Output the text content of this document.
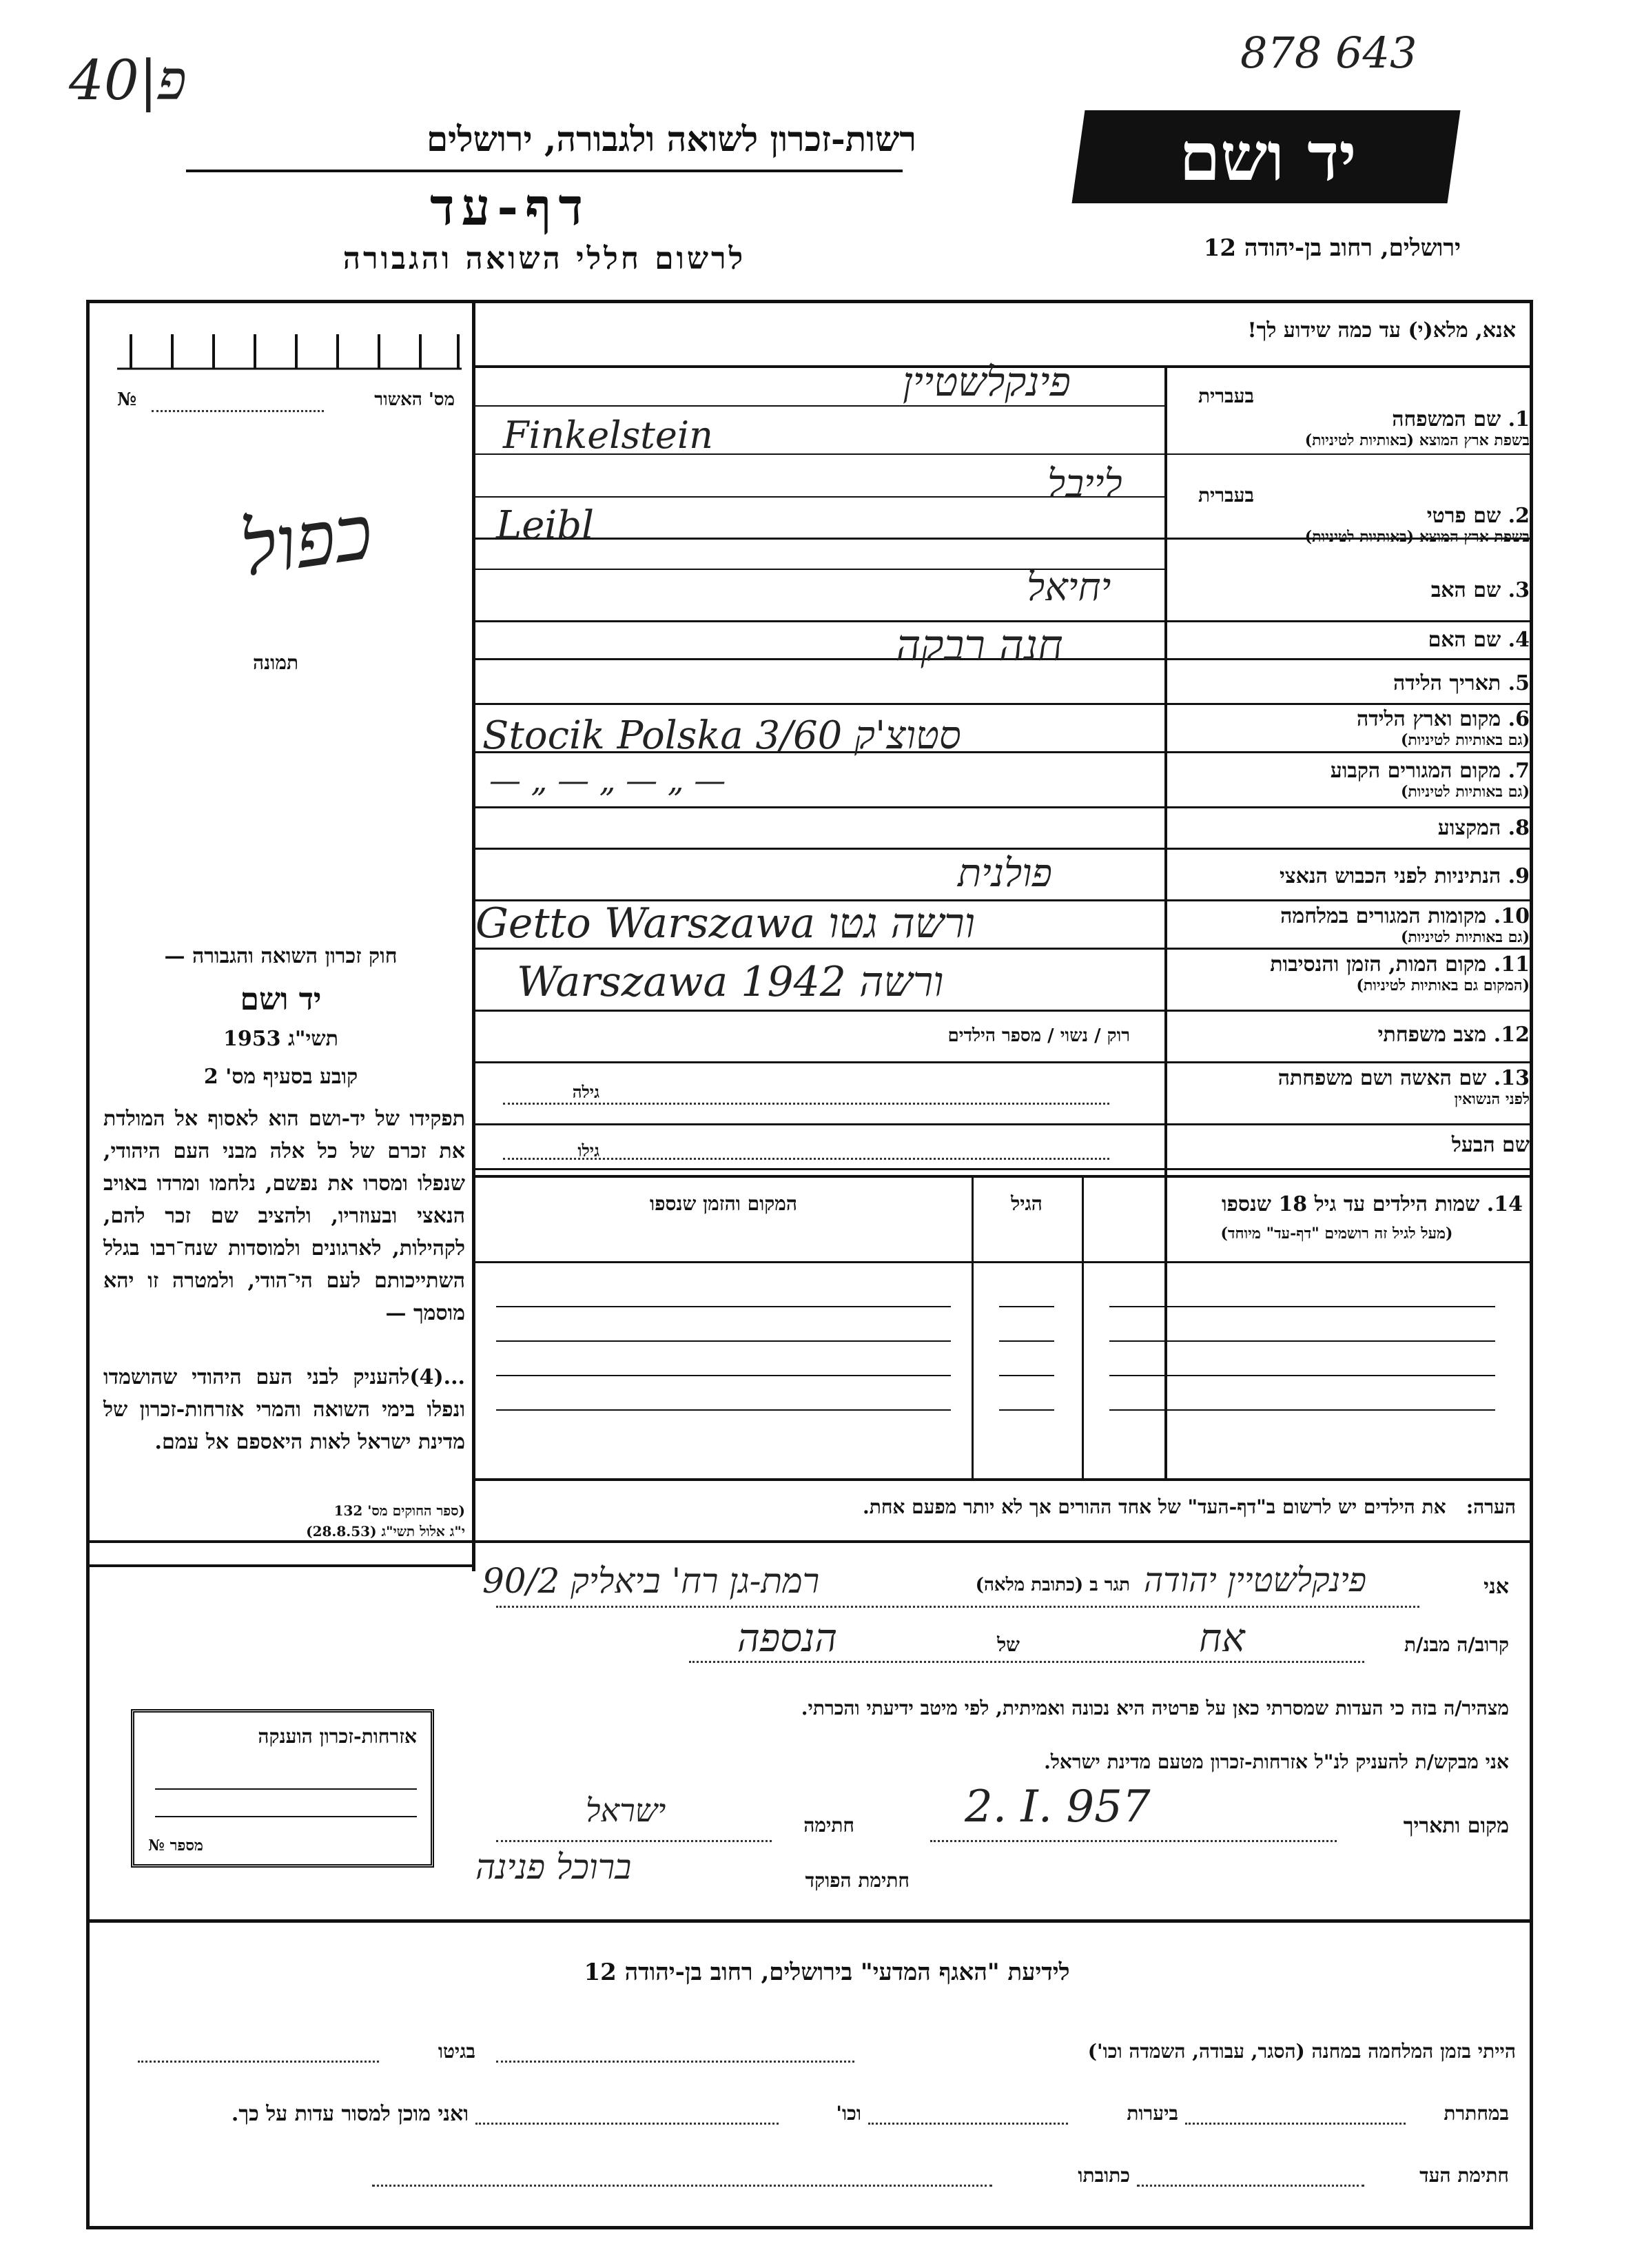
878 643
40|פ
רשות-זכרון לשואה ולגבורה, ירושלים
דף-עד
לרשום חללי השואה והגבורה
יד ושם
ירושלים, רחוב בן-יהודה 12
מס' האשור
№
כפול
תמונה
חוק זכרון השואה והגבורה —
יד ושם
תשי"ג 1953
קובע בסעיף מס' 2
תפקידו של יד-ושם הוא לאסוף אל המולדת את זכרם של כל אלה מבני העם היהודי, שנפלו ומסרו את נפשם, נלחמו ומרדו באויב הנאצי ובעוזריו, ולהציב שם זכר להם, לקהילות, לארגונים ולמוסדות שנח־רבו בגלל השתייכותם לעם הי־הודי, ולמטרה זו יהא מוסמך —
...(4)להעניק לבני העם היהודי שהושמדו ונפלו בימי השואה והמרי אזרחות-זכרון של מדינת ישראל לאות היאספם אל עמם.
(ספר החוקים מס' 132
י"ג אלול תשי"ג (28.8.53)
אנא, מלא(י) עד כמה שידוע לך!
בעברית
1. שם המשפחה
בשפת ארץ המוצא (באותיות לטיניות)
פינקלשטיין
Finkelstein
בעברית
2. שם פרטי
בשפת ארץ המוצא (באותיות לטיניות)
לייבל
Leibl
3. שם האב
יחיאל
4. שם האם
חנה רבקה
5. תאריך הלידה
6. מקום וארץ הלידה
(גם באותיות לטיניות)
Stocik Polska סטוצ'ק 3/60
7. מקום המגורים הקבוע
(גם באותיות לטיניות)
— „ — „ — „ —
8. המקצוע
9. הנתיניות לפני הכבוש הנאצי
פולנית
10. מקומות המגורים במלחמה
(גם באותיות לטיניות)
Getto Warszawa ורשה גטו
11. מקום המות, הזמן והנסיבות
(המקום גם באותיות לטיניות)
Warszawa 1942 ורשה
12. מצב משפחתי
רוק / נשוי / מספר הילדים
13. שם האשה ושם משפחתה
לפני הנשואין
גילה
שם הבעל
גילו
14. שמות הילדים עד גיל 18 שנספו
(מעל לגיל זה רושמים "דף-עד" מיוחד)
הגיל
המקום והזמן שנספו
הערה:   את הילדים יש לרשום ב"דף-העד" של אחד ההורים אך לא יותר מפעם אחת.
אני
פינקלשטיין יהודה
תגר ב (כתובת מלאה)
רמת-גן רח' ביאליק 90/2
קרוב/ה מבנ/ת
אח
של
הנספה
מצהיר/ה בזה כי העדות שמסרתי כאן על פרטיה היא נכונה ואמיתית, לפי מיטב ידיעתי והכרתי.
אני מבקש/ת להעניק לנ"ל אזרחות-זכרון מטעם מדינת ישראל.
מקום ותאריך
2. I. 957
חתימה
ישראל
חתימת הפוקד
ברוכל פנינה
אזרחות-זכרון הוענקה
מספר №
לידיעת "האגף המדעי" בירושלים, רחוב בן-יהודה 12
הייתי בזמן המלחמה במחנה (הסגר, עבודה, השמדה וכו')
בגיטו
במחתרת
ביערות
וכו'
ואני מוכן למסור עדות על כך.
חתימת העד
כתובתו
